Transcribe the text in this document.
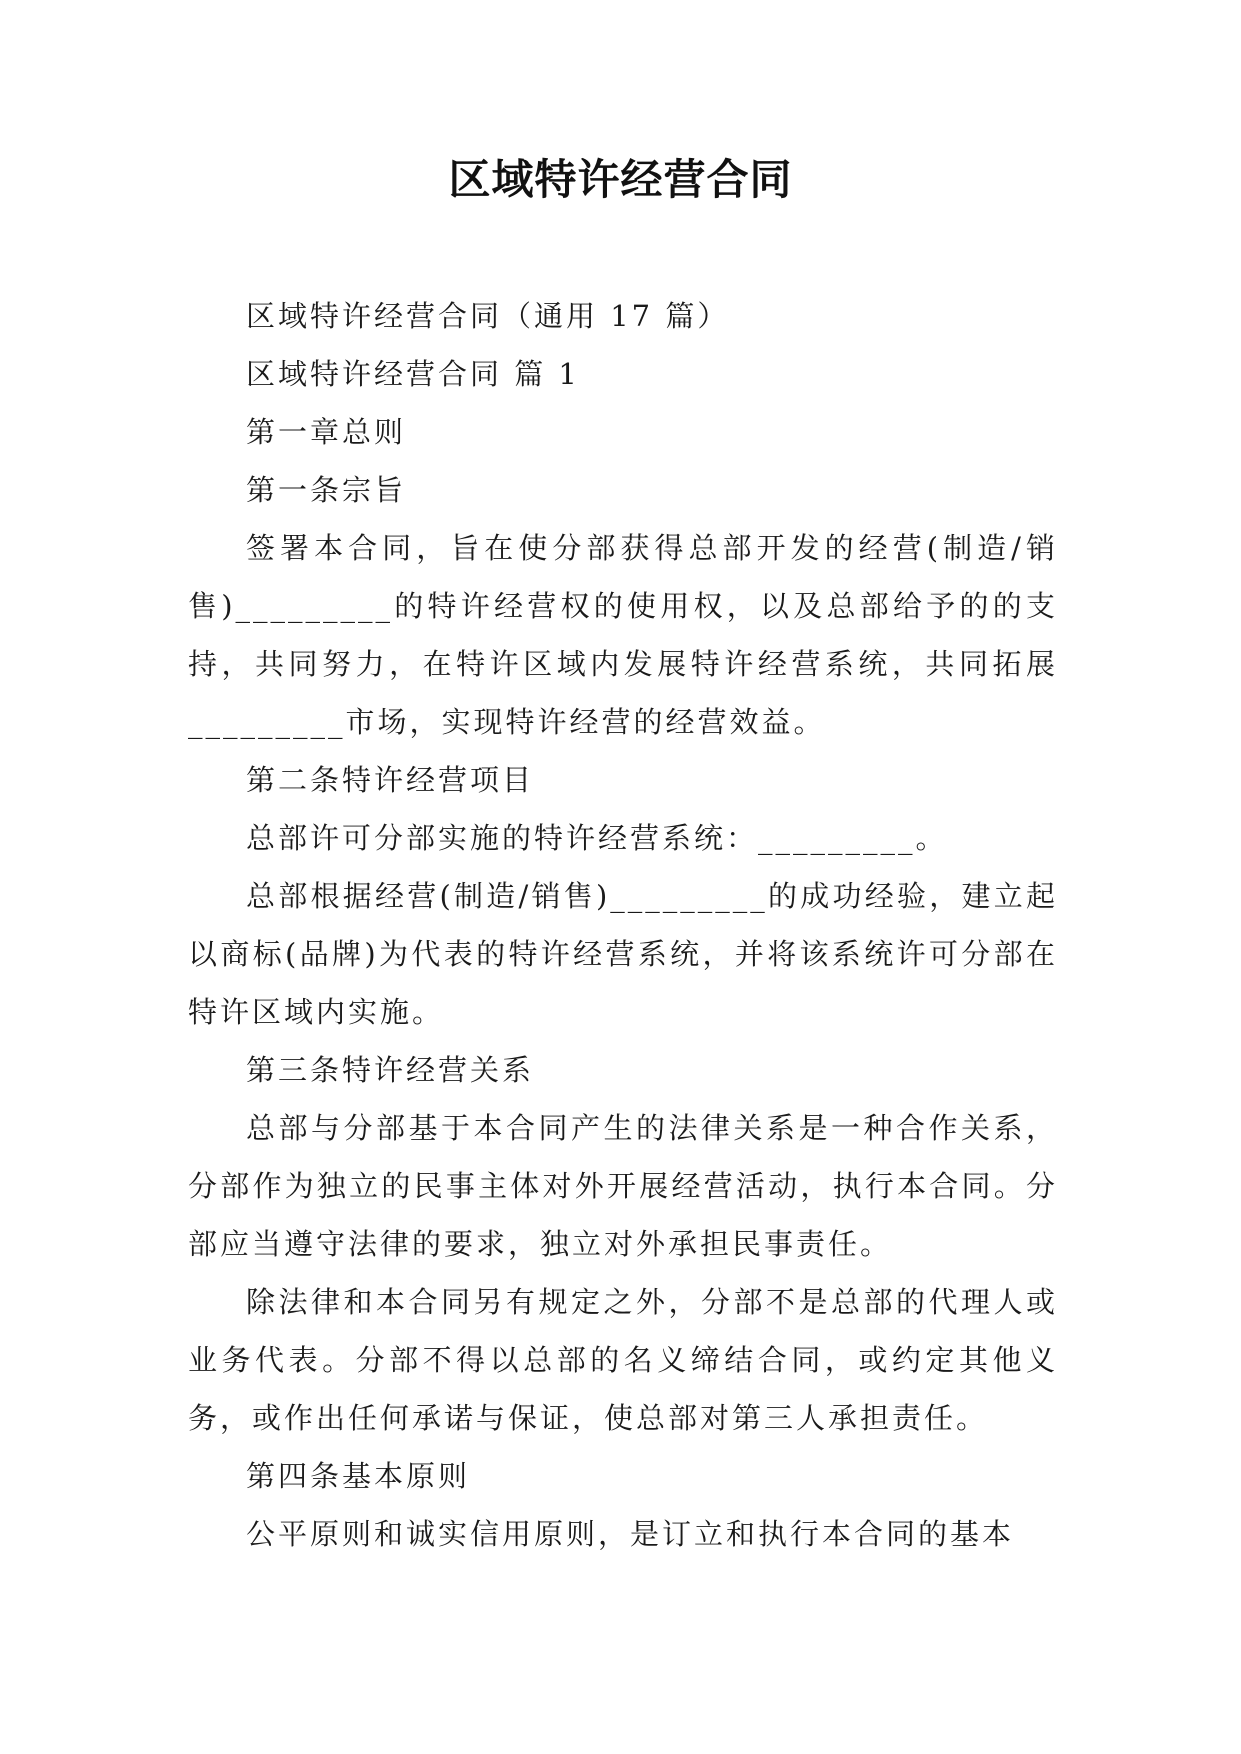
区域特许经营合同

区域特许经营合同（通用 17 篇）

区域特许经营合同 篇 1

第一章总则

第一条宗旨

签署本合同，旨在使分部获得总部开发的经营(制造/销售)_________的特许经营权的使用权，以及总部给予的的支持，共同努力，在特许区域内发展特许经营系统，共同拓展_________市场，实现特许经营的经营效益。

第二条特许经营项目

总部许可分部实施的特许经营系统：_________。

总部根据经营(制造/销售)_________的成功经验，建立起以商标(品牌)为代表的特许经营系统，并将该系统许可分部在特许区域内实施。

第三条特许经营关系

总部与分部基于本合同产生的法律关系是一种合作关系，分部作为独立的民事主体对外开展经营活动，执行本合同。分部应当遵守法律的要求，独立对外承担民事责任。

除法律和本合同另有规定之外，分部不是总部的代理人或业务代表。分部不得以总部的名义缔结合同，或约定其他义务，或作出任何承诺与保证，使总部对第三人承担责任。

第四条基本原则

公平原则和诚实信用原则，是订立和执行本合同的基本
